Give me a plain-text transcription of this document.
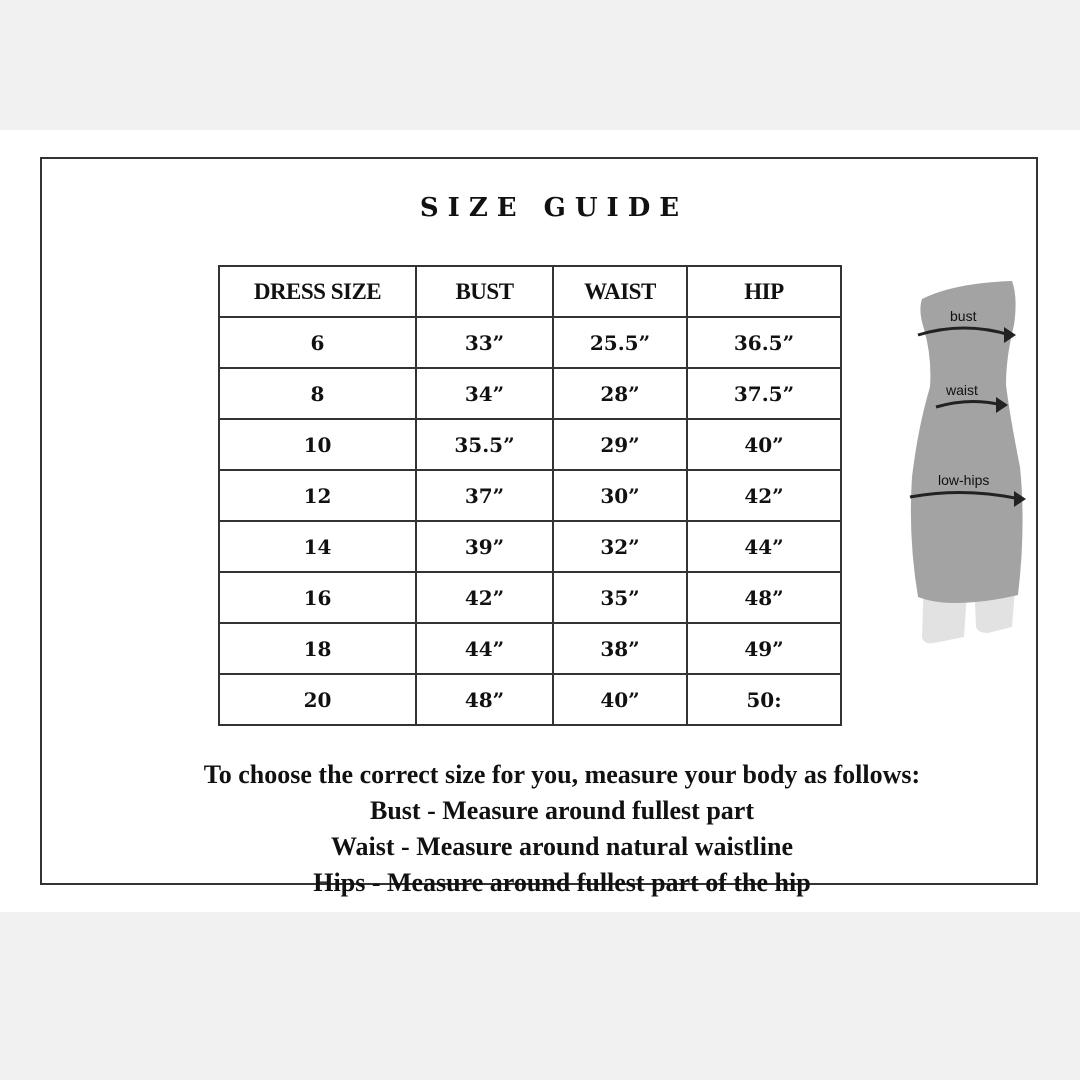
SIZE GUIDE
DRESS SIZE	BUST	WAIST	HIP
6	33”	25.5”	36.5”
8	34”	28”	37.5”
10	35.5”	29”	40”
12	37”	30”	42”
14	39”	32”	44”
16	42”	35”	48”
18	44”	38”	49”
20	48”	40”	50:
bust
waist
low-hips
To choose the correct size for you, measure your body as follows:
Bust - Measure around fullest part
Waist - Measure around natural waistline
Hips - Measure around fullest part of the hip
